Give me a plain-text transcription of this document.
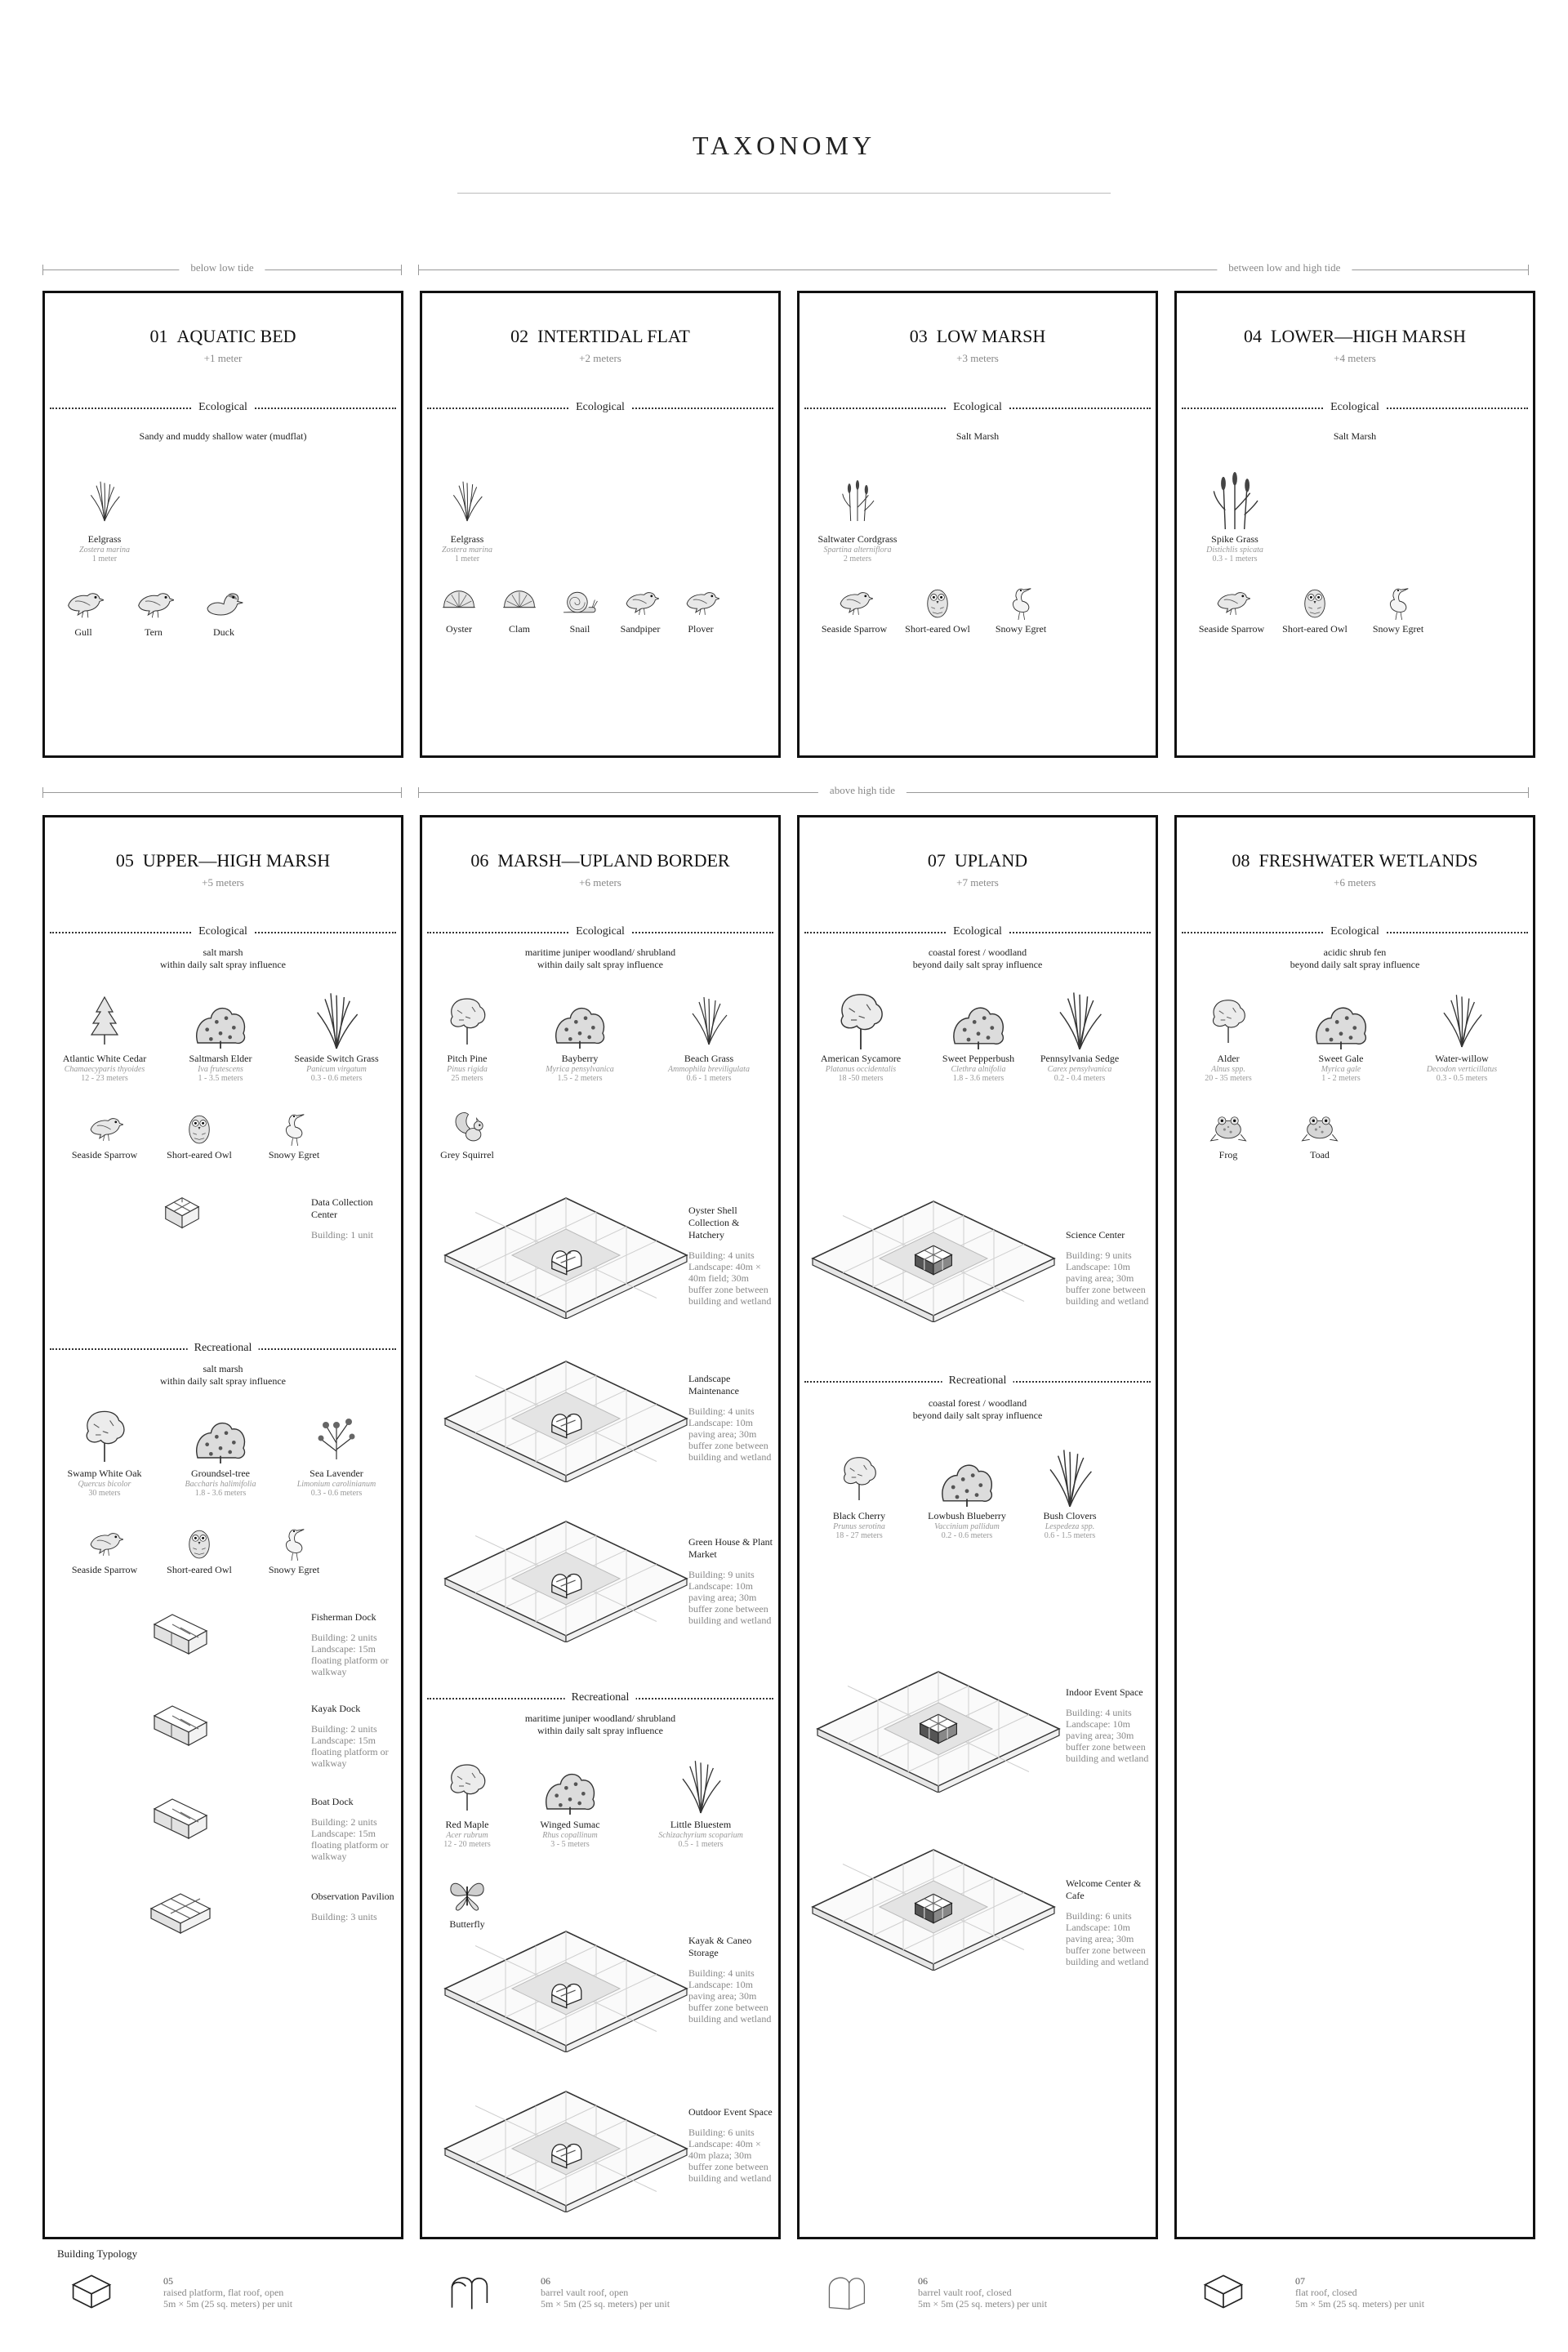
TAXONOMY
below low tide	between low and high tide
above high tide
01 AQUATIC BED
+1 meter
Ecological
Sandy and muddy shallow water (mudflat)
Eelgrass
Zostera marina
1 meter
Gull	Tern	Duck
02 INTERTIDAL FLAT
+2 meters
Ecological
Eelgrass
Zostera marina
1 meter
Oyster	Clam	Snail	Sandpiper	Plover
03 LOW MARSH
+3 meters
Ecological
Salt Marsh
Saltwater Cordgrass
Spartina alterniflora
2 meters
Seaside Sparrow	Short-eared Owl	Snowy Egret
04 LOWER—HIGH MARSH
+4 meters
Ecological
Salt Marsh
Spike Grass
Distichlis spicata
0.3 - 1 meters
Seaside Sparrow	Short-eared Owl	Snowy Egret
05 UPPER—HIGH MARSH
+5 meters
Ecological
salt marsh
within daily salt spray influence
Atlantic White Cedar
Chamaecyparis thyoides
12 - 23 meters
Saltmarsh Elder
Iva frutescens
1 - 3.5 meters
Seaside Switch Grass
Panicum virgatum
0.3 - 0.6 meters
Seaside Sparrow	Short-eared Owl	Snowy Egret
Data Collection Center
Building: 1 unit
Recreational
salt marsh
within daily salt spray influence
Swamp White Oak
Quercus bicolor
30 meters
Groundsel-tree
Baccharis halimifolia
1.8 - 3.6 meters
Sea Lavender
Limonium carolinianum
0.3 - 0.6 meters
Seaside Sparrow	Short-eared Owl	Snowy Egret
Fisherman Dock
Building: 2 units
Landscape: 15m floating platform or walkway
Kayak Dock
Building: 2 units
Landscape: 15m floating platform or walkway
Boat Dock
Building: 2 units
Landscape: 15m floating platform or walkway
Observation Pavilion
Building: 3 units
06 MARSH—UPLAND BORDER
+6 meters
Ecological
maritime juniper woodland/ shrubland
within daily salt spray influence
Pitch Pine
Pinus rigida
25 meters
Bayberry
Myrica pensylvanica
1.5 - 2 meters
Beach Grass
Ammophila breviligulata
0.6 - 1 meters
Grey Squirrel
Oyster Shell Collection & Hatchery
Building: 4 units
Landscape: 40m × 40m field; 30m buffer zone between building and wetland
Landscape Maintenance
Building: 4 units
Landscape: 10m paving area; 30m buffer zone between building and wetland
Green House & Plant Market
Building: 9 units
Landscape: 10m paving area; 30m buffer zone between building and wetland
Recreational
maritime juniper woodland/ shrubland
within daily salt spray influence
Red Maple
Acer rubrum
12 - 20 meters
Winged Sumac
Rhus copallinum
3 - 5 meters
Little Bluestem
Schizachyrium scoparium
0.5 - 1 meters
Butterfly
Kayak & Caneo Storage
Building: 4 units
Landscape: 10m paving area; 30m buffer zone between building and wetland
Outdoor Event Space
Building: 6 units
Landscape: 40m × 40m plaza; 30m buffer zone between building and wetland
07 UPLAND
+7 meters
Ecological
coastal forest / woodland
beyond daily salt spray influence
American Sycamore
Platanus occidentalis
18 -50 meters
Sweet Pepperbush
Clethra alnifolia
1.8 - 3.6 meters
Pennsylvania Sedge
Carex pensylvanica
0.2 - 0.4 meters
Science Center
Building: 9 units
Landscape: 10m paving area; 30m buffer zone between building and wetland
Recreational
coastal forest / woodland
beyond daily salt spray influence
Black Cherry
Prunus serotina
18 - 27 meters
Lowbush Blueberry
Vaccinium pallidum
0.2 - 0.6 meters
Bush Clovers
Lespedeza spp.
0.6 - 1.5 meters
Indoor Event Space
Building: 4 units
Landscape: 10m paving area; 30m buffer zone between building and wetland
Welcome Center & Cafe
Building: 6 units
Landscape: 10m paving area; 30m buffer zone between building and wetland
08 FRESHWATER WETLANDS
+6 meters
Ecological
acidic shrub fen
beyond daily salt spray influence
Alder
Alnus spp.
20 - 35 meters
Sweet Gale
Myrica gale
1 - 2 meters
Water-willow
Decodon verticillatus
0.3 - 0.5 meters
Frog	Toad
Building Typology
05
raised platform, flat roof, open
5m × 5m (25 sq. meters) per unit
06
barrel vault roof, open
5m × 5m (25 sq. meters) per unit
06
barrel vault roof, closed
5m × 5m (25 sq. meters) per unit
07
flat roof, closed
5m × 5m (25 sq. meters) per unit
